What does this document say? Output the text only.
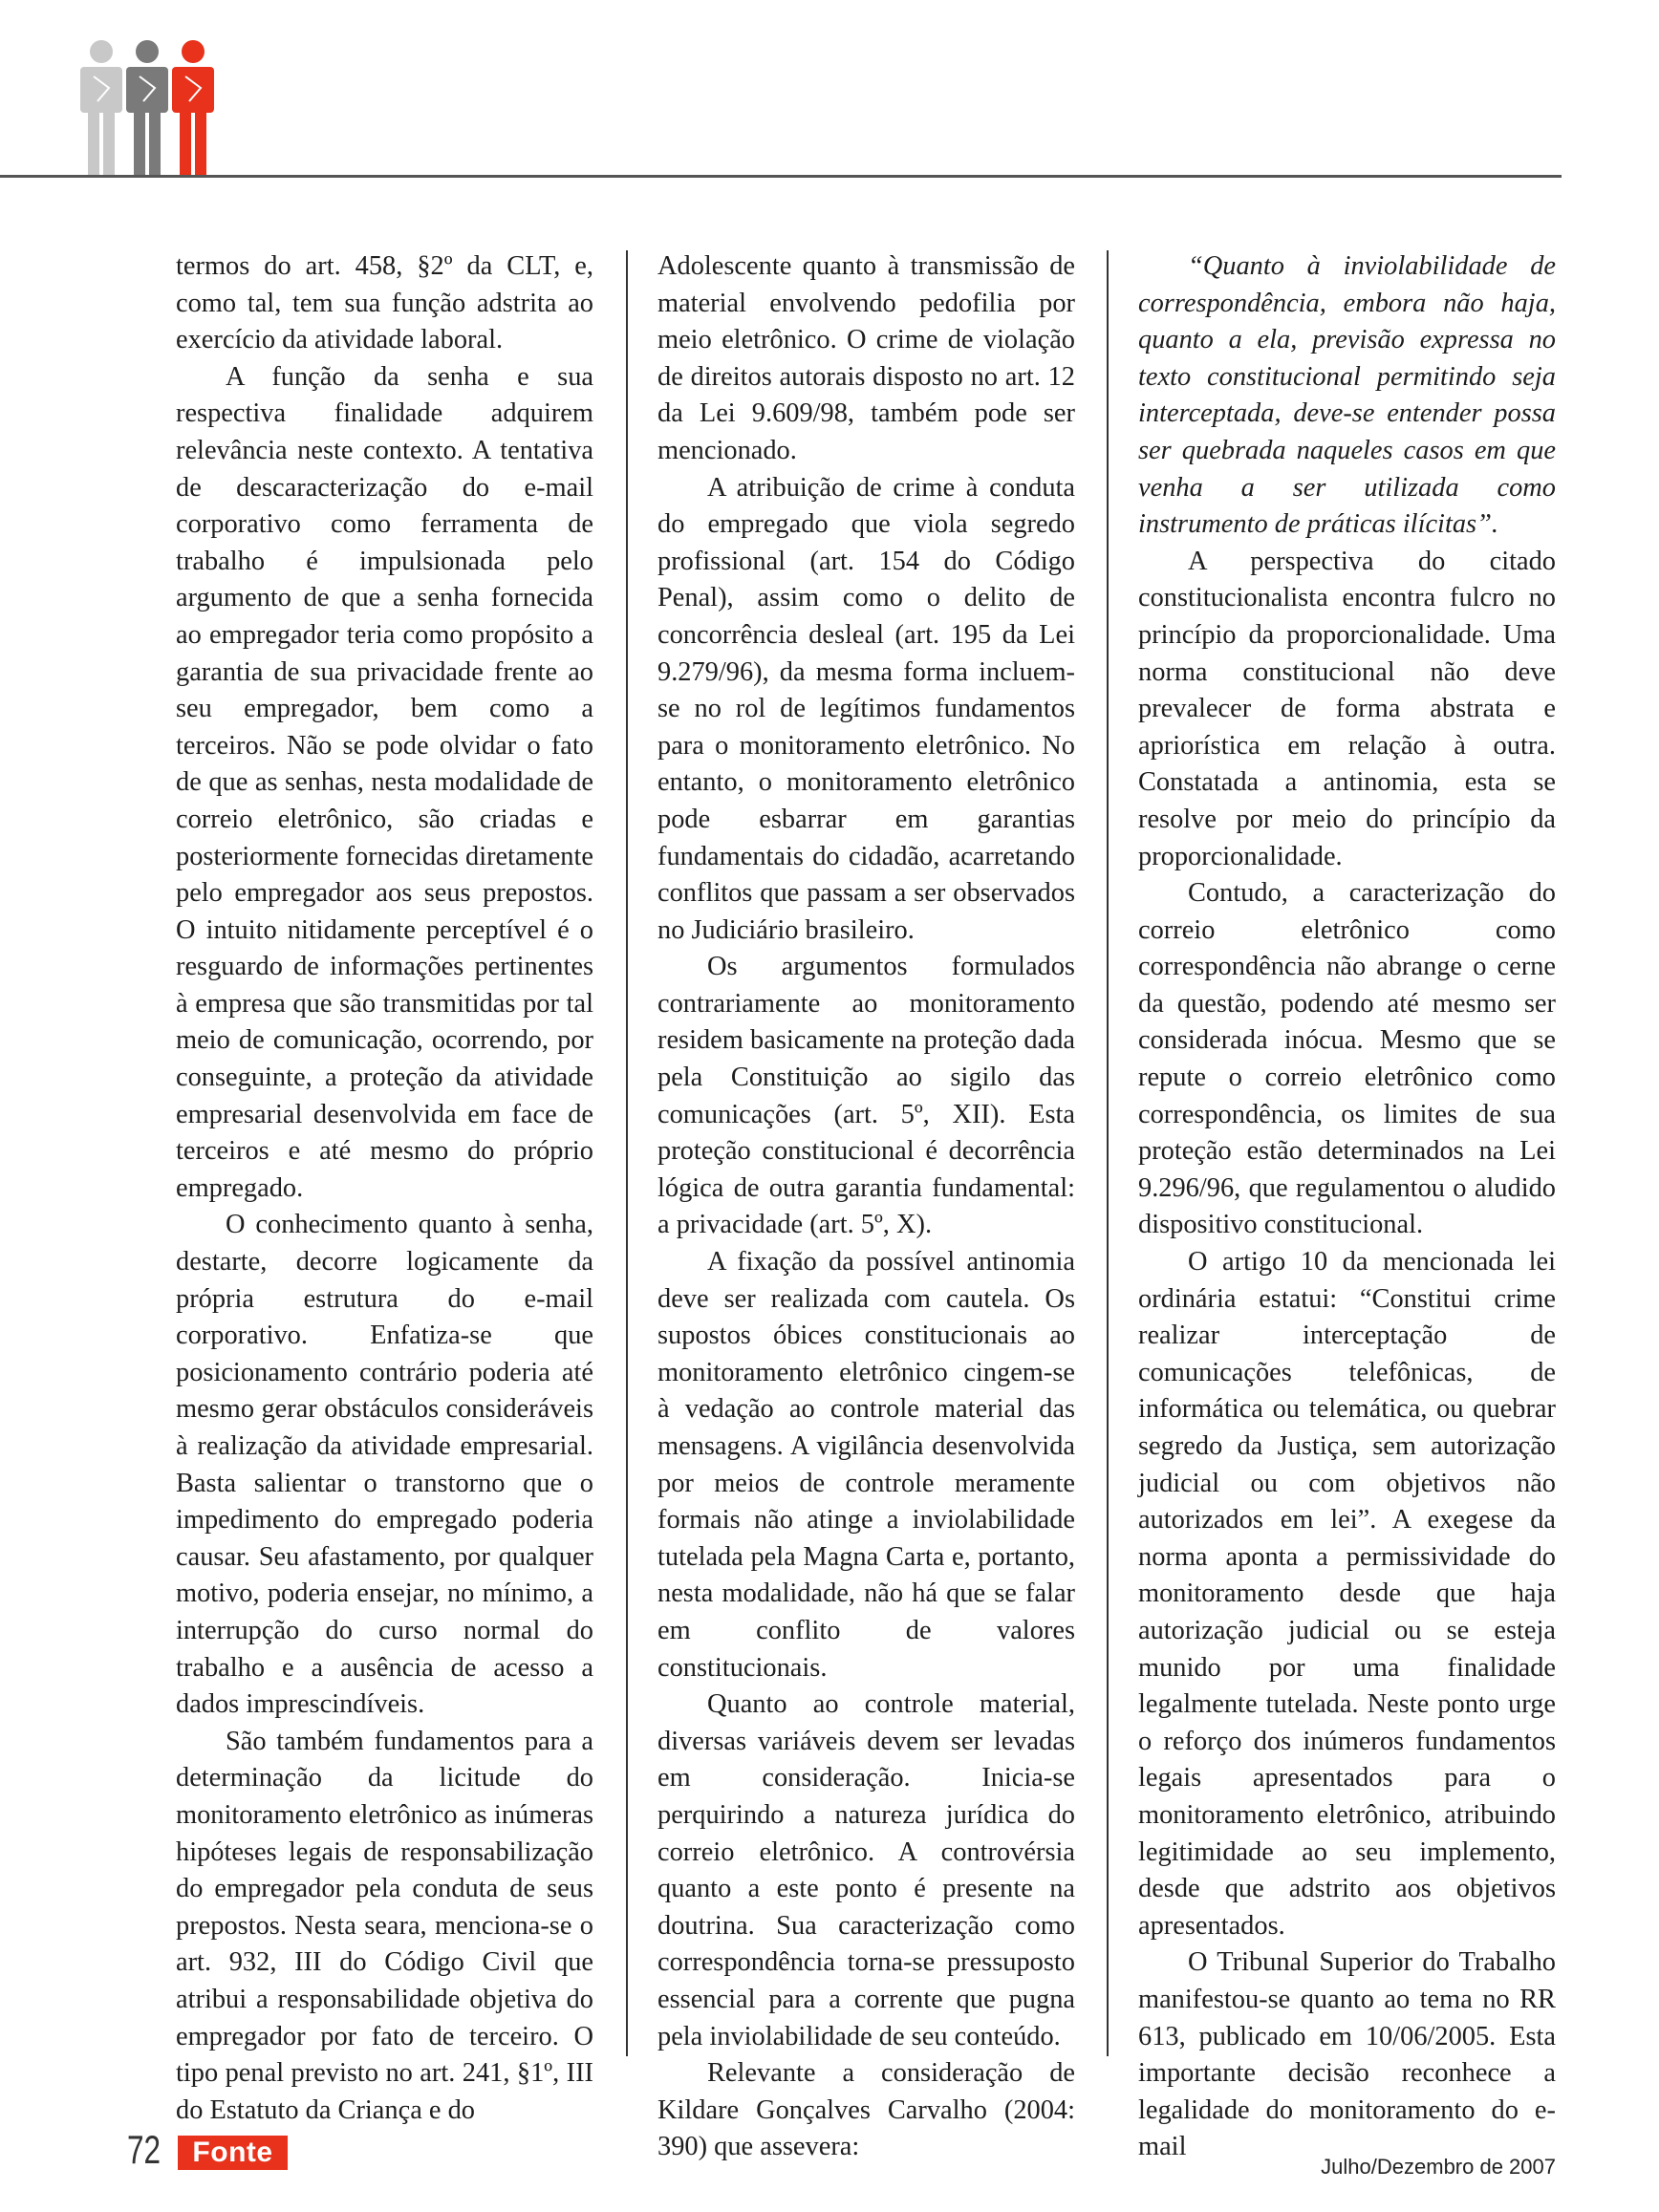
termos do art. 458, §2º da CLT, e, como tal, tem sua função adstrita ao exercício da atividade laboral.

A função da senha e sua respectiva finalidade adquirem relevância neste contexto. A tentativa de descaracterização do e-mail corporativo como ferramenta de trabalho é impulsionada pelo argumento de que a senha fornecida ao empregador teria como propósito a garantia de sua privacidade frente ao seu empregador, bem como a terceiros. Não se pode olvidar o fato de que as senhas, nesta modalidade de correio eletrônico, são criadas e posteriormente fornecidas diretamente pelo empregador aos seus prepostos. O intuito nitidamente perceptível é o resguardo de informações pertinentes à empresa que são transmitidas por tal meio de comunicação, ocorrendo, por conseguinte, a proteção da atividade empresarial desenvolvida em face de terceiros e até mesmo do próprio empregado.

O conhecimento quanto à senha, destarte, decorre logicamente da própria estrutura do e-mail corporativo. Enfatiza-se que posicionamento contrário poderia até mesmo gerar obstáculos consideráveis à realização da atividade empresarial. Basta salientar o transtorno que o impedimento do empregado poderia causar. Seu afastamento, por qualquer motivo, poderia ensejar, no mínimo, a interrupção do curso normal do trabalho e a ausência de acesso a dados imprescindíveis.

São também fundamentos para a determinação da licitude do monitoramento eletrônico as inúmeras hipóteses legais de responsabilização do empregador pela conduta de seus prepostos. Nesta seara, menciona-se o art. 932, III do Código Civil que atribui a responsabilidade objetiva do empregador por fato de terceiro. O tipo penal previsto no art. 241, §1º, III do Estatuto da Criança e do

Adolescente quanto à transmissão de material envolvendo pedofilia por meio eletrônico. O crime de violação de direitos autorais disposto no art. 12 da Lei 9.609/98, também pode ser mencionado.

A atribuição de crime à conduta do empregado que viola segredo profissional (art. 154 do Código Penal), assim como o delito de concorrência desleal (art. 195 da Lei 9.279/96), da mesma forma incluem-se no rol de legítimos fundamentos para o monitoramento eletrônico. No entanto, o monitoramento eletrônico pode esbarrar em garantias fundamentais do cidadão, acarretando conflitos que passam a ser observados no Judiciário brasileiro.

Os argumentos formulados contrariamente ao monitoramento residem basicamente na proteção dada pela Constituição ao sigilo das comunicações (art. 5º, XII). Esta proteção constitucional é decorrência lógica de outra garantia fundamental: a privacidade (art. 5º, X).

A fixação da possível antinomia deve ser realizada com cautela. Os supostos óbices constitucionais ao monitoramento eletrônico cingem-se à vedação ao controle material das mensagens. A vigilância desenvolvida por meios de controle meramente formais não atinge a inviolabilidade tutelada pela Magna Carta e, portanto, nesta modalidade, não há que se falar em conflito de valores constitucionais.

Quanto ao controle material, diversas variáveis devem ser levadas em consideração. Inicia-se perquirindo a natureza jurídica do correio eletrônico. A controvérsia quanto a este ponto é presente na doutrina. Sua caracterização como correspondência torna-se pressuposto essencial para a corrente que pugna pela inviolabilidade de seu conteúdo.

Relevante a consideração de Kildare Gonçalves Carvalho (2004: 390) que assevera:

“Quanto à inviolabilidade de correspondência, embora não haja, quanto a ela, previsão expressa no texto constitucional permitindo seja interceptada, deve-se entender possa ser quebrada naqueles casos em que venha a ser utilizada como instrumento de práticas ilícitas”.

A perspectiva do citado constitucionalista encontra fulcro no princípio da proporcionalidade. Uma norma constitucional não deve prevalecer de forma abstrata e apriorística em relação à outra. Constatada a antinomia, esta se resolve por meio do princípio da proporcionalidade.

Contudo, a caracterização do correio eletrônico como correspondência não abrange o cerne da questão, podendo até mesmo ser considerada inócua. Mesmo que se repute o correio eletrônico como correspondência, os limites de sua proteção estão determinados na Lei 9.296/96, que regulamentou o aludido dispositivo constitucional.

O artigo 10 da mencionada lei ordinária estatui: “Constitui crime realizar interceptação de comunicações telefônicas, de informática ou telemática, ou quebrar segredo da Justiça, sem autorização judicial ou com objetivos não autorizados em lei”. A exegese da norma aponta a permissividade do monitoramento desde que haja autorização judicial ou se esteja munido por uma finalidade legalmente tutelada. Neste ponto urge o reforço dos inúmeros fundamentos legais apresentados para o monitoramento eletrônico, atribuindo legitimidade ao seu implemento, desde que adstrito aos objetivos apresentados.

O Tribunal Superior do Trabalho manifestou-se quanto ao tema no RR 613, publicado em 10/06/2005. Esta importante decisão reconhece a legalidade do monitoramento do e-mail

72	Fonte	Julho/Dezembro de 2007
